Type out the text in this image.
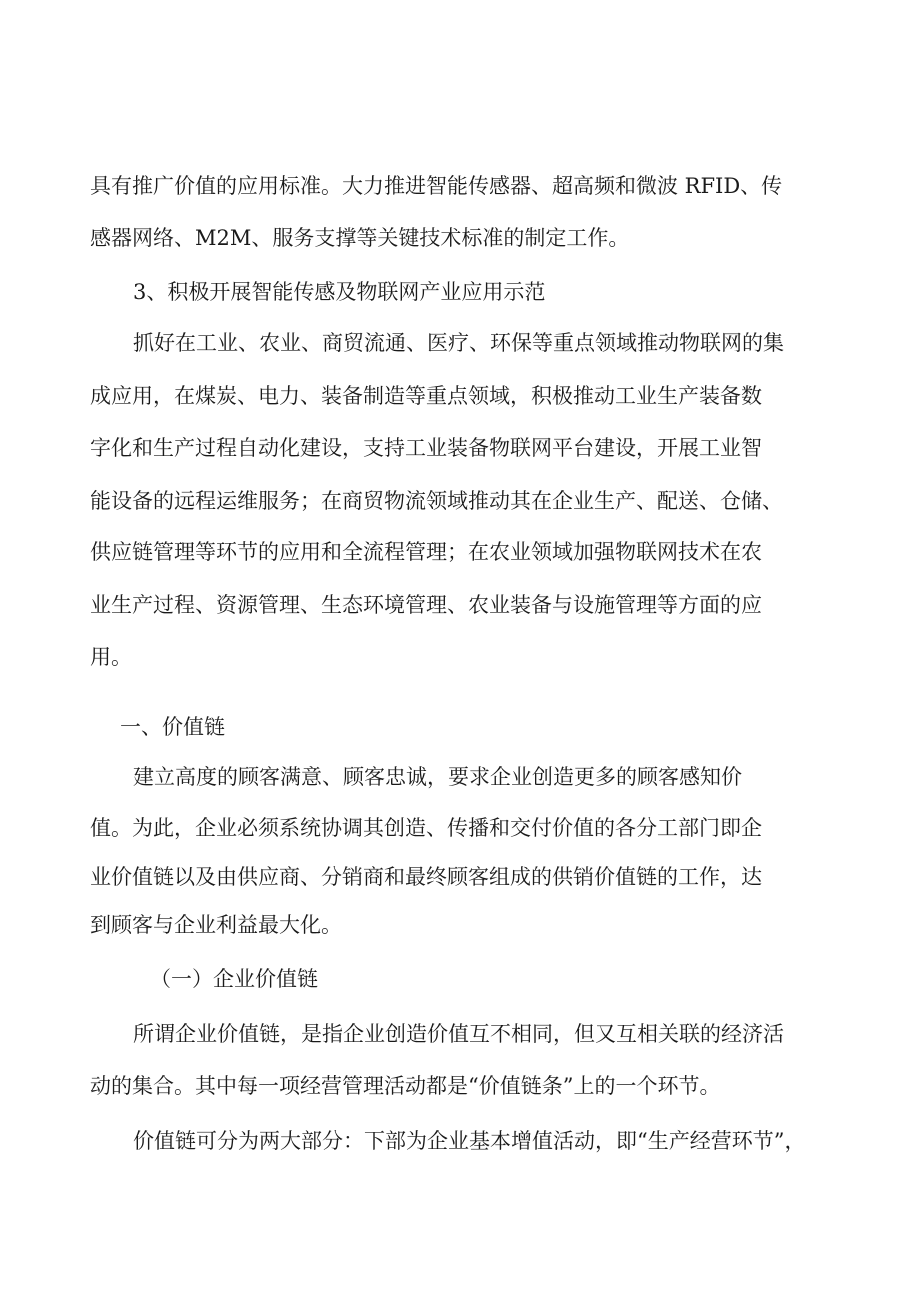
具有推广价值的应用标准。大力推进智能传感器、超高频和微波 RFID、传
感器网络、M2M、服务支撑等关键技术标准的制定工作。
3、积极开展智能传感及物联网产业应用示范
抓好在工业、农业、商贸流通、医疗、环保等重点领域推动物联网的集
成应用，在煤炭、电力、装备制造等重点领域，积极推动工业生产装备数
字化和生产过程自动化建设，支持工业装备物联网平台建设，开展工业智
能设备的远程运维服务；在商贸物流领域推动其在企业生产、配送、仓储、
供应链管理等环节的应用和全流程管理；在农业领域加强物联网技术在农
业生产过程、资源管理、生态环境管理、农业装备与设施管理等方面的应
用。
一、价值链
建立高度的顾客满意、顾客忠诚，要求企业创造更多的顾客感知价
值。为此，企业必须系统协调其创造、传播和交付价值的各分工部门即企
业价值链以及由供应商、分销商和最终顾客组成的供销价值链的工作，达
到顾客与企业利益最大化。
（一）企业价值链
所谓企业价值链，是指企业创造价值互不相同，但又互相关联的经济活
动的集合。其中每一项经营管理活动都是“价值链条”上的一个环节。
价值链可分为两大部分：下部为企业基本增值活动，即“生产经营环节”，
